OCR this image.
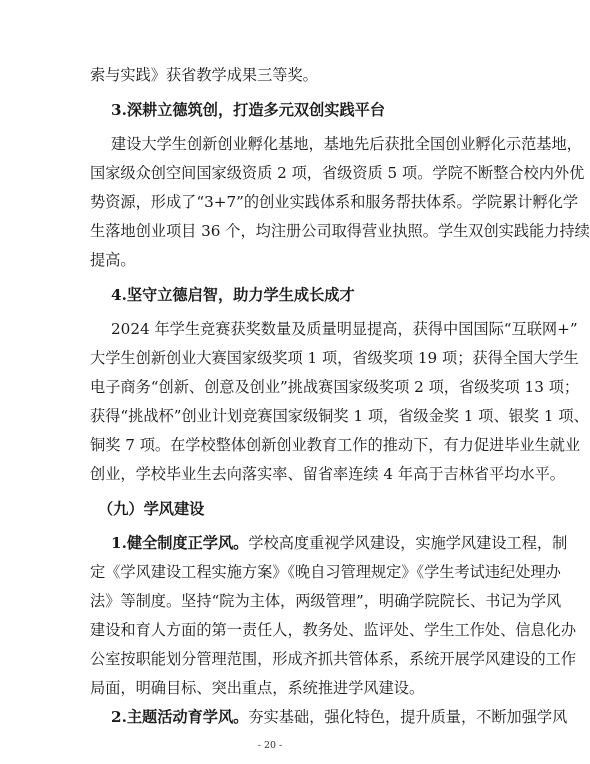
索与实践》获省教学成果三等奖。
3.深耕立德筑创，打造多元双创实践平台
建设大学生创新创业孵化基地，基地先后获批全国创业孵化示范基地，
国家级众创空间国家级资质 2 项，省级资质 5 项。学院不断整合校内外优
势资源，形成了“3+7”的创业实践体系和服务帮扶体系。学院累计孵化学
生落地创业项目 36 个，均注册公司取得营业执照。学生双创实践能力持续
提高。
4.坚守立德启智，助力学生成长成才
2024 年学生竞赛获奖数量及质量明显提高，获得中国国际“互联网+”
大学生创新创业大赛国家级奖项 1 项，省级奖项 19 项；获得全国大学生
电子商务“创新、创意及创业”挑战赛国家级奖项 2 项，省级奖项 13 项；
获得“挑战杯”创业计划竞赛国家级铜奖 1 项，省级金奖 1 项、银奖 1 项、
铜奖 7 项。在学校整体创新创业教育工作的推动下，有力促进毕业生就业
创业，学校毕业生去向落实率、留省率连续 4 年高于吉林省平均水平。
（九）学风建设
1.健全制度正学风。学校高度重视学风建设，实施学风建设工程，制
定《学风建设工程实施方案》《晚自习管理规定》《学生考试违纪处理办
法》等制度。坚持“院为主体，两级管理”，明确学院院长、书记为学风
建设和育人方面的第一责任人，教务处、监评处、学生工作处、信息化办
公室按职能划分管理范围，形成齐抓共管体系，系统开展学风建设的工作
局面，明确目标、突出重点，系统推进学风建设。
2.主题活动育学风。夯实基础，强化特色，提升质量，不断加强学风
- 20 -
